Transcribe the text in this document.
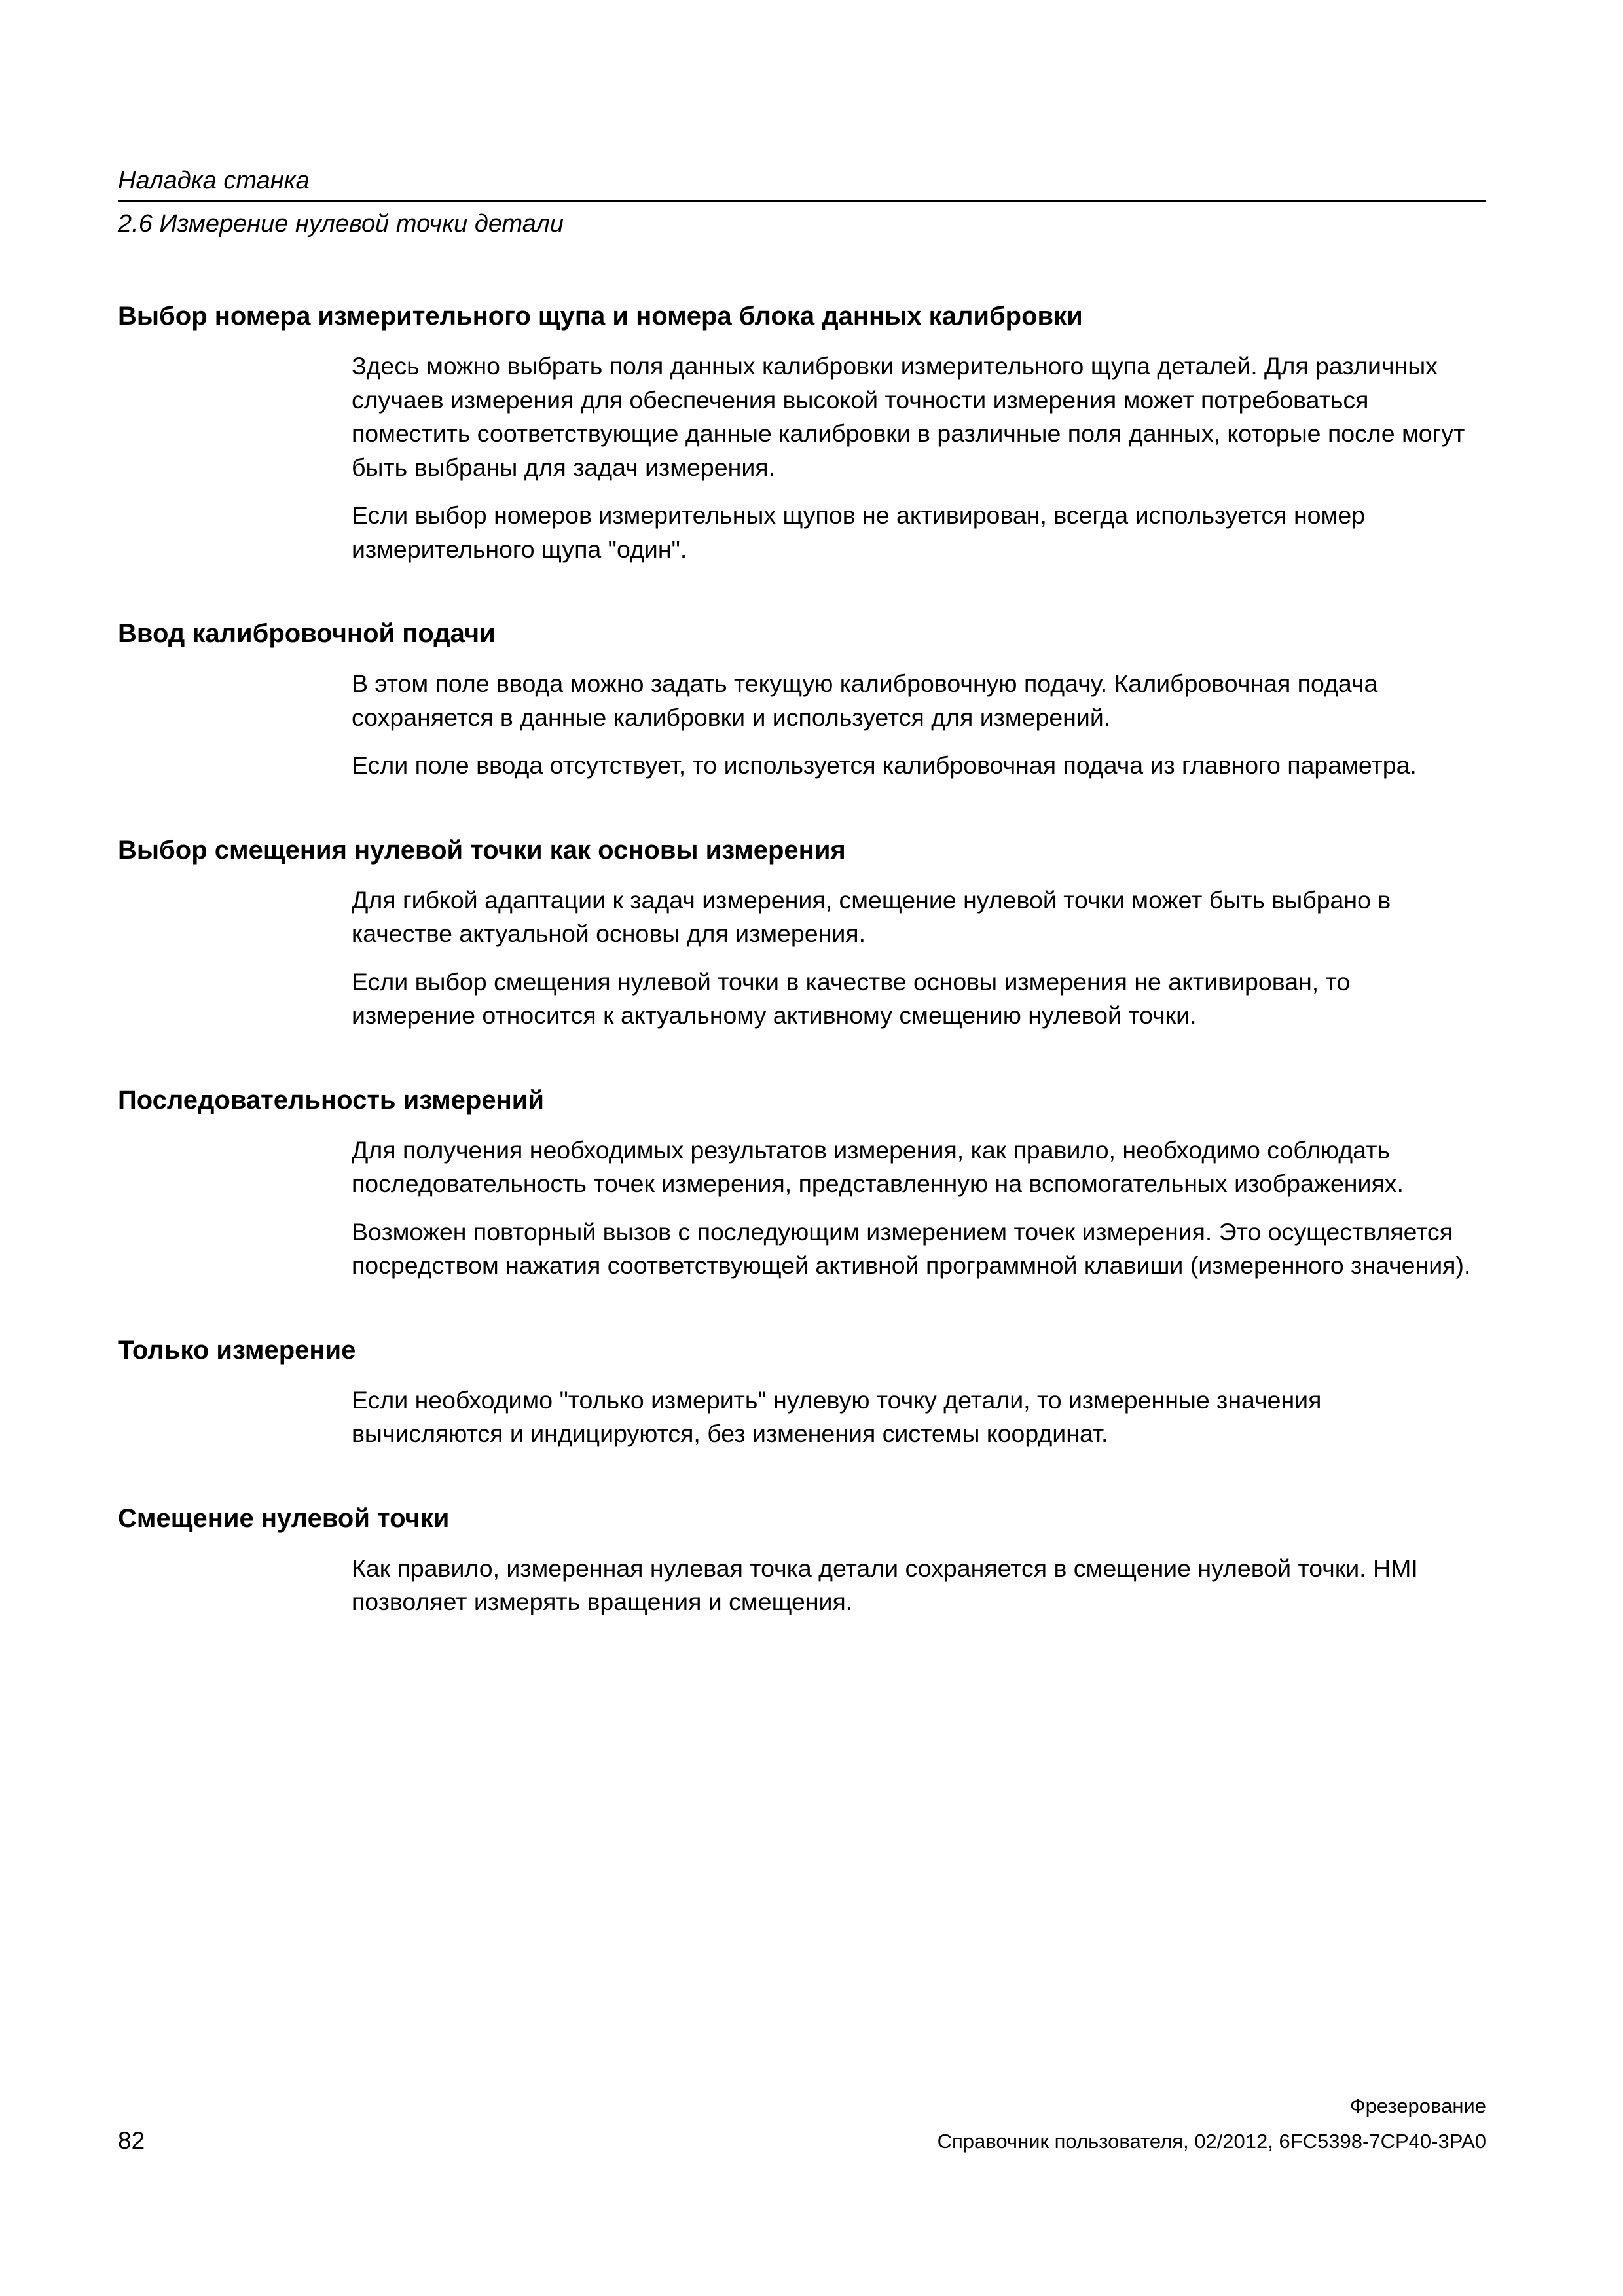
Наладка станка
2.6 Измерение нулевой точки детали
Выбор номера измерительного щупа и номера блока данных калибровки

Здесь можно выбрать поля данных калибровки измерительного щупа деталей. Для различных случаев измерения для обеспечения высокой точности измерения может потребоваться поместить соответствующие данные калибровки в различные поля данных, которые после могут быть выбраны для задач измерения.

Если выбор номеров измерительных щупов не активирован, всегда используется номер измерительного щупа "один".

Ввод калибровочной подачи

В этом поле ввода можно задать текущую калибровочную подачу. Калибровочная подача сохраняется в данные калибровки и используется для измерений.

Если поле ввода отсутствует, то используется калибровочная подача из главного параметра.

Выбор смещения нулевой точки как основы измерения

Для гибкой адаптации к задач измерения, смещение нулевой точки может быть выбрано в качестве актуальной основы для измерения.

Если выбор смещения нулевой точки в качестве основы измерения не активирован, то измерение относится к актуальному активному смещению нулевой точки.

Последовательность измерений

Для получения необходимых результатов измерения, как правило, необходимо соблюдать последовательность точек измерения, представленную на вспомогательных изображениях.

Возможен повторный вызов с последующим измерением точек измерения. Это осуществляется посредством нажатия соответствующей активной программной клавиши (измеренного значения).

Только измерение

Если необходимо "только измерить" нулевую точку детали, то измеренные значения вычисляются и индицируются, без изменения системы координат.

Смещение нулевой точки

Как правило, измеренная нулевая точка детали сохраняется в смещение нулевой точки. HMI позволяет измерять вращения и смещения.

Фрезерование
82	Справочник пользователя, 02/2012, 6FC5398-7CP40-3PA0
